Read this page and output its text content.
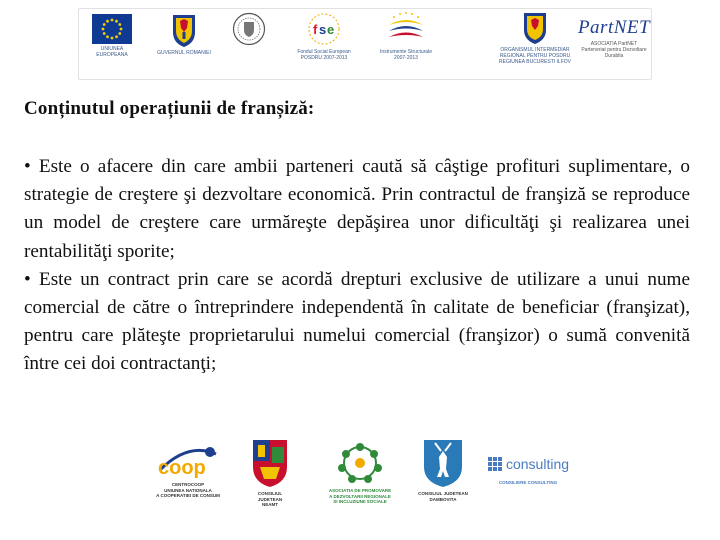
UNIUNEA EUROPEANA	GUVERNUL ROMANIEI
f s e
Fondul Social European
POSDRU 2007-2013
Instrumente Structurale
2007-2013
ORGANISMUL INTERMEDIAR
REGIONAL PENTRU POSDRU
REGIUNEA BUCURESTI ILFOV
PartNET
ASOCIATIA PartNET
Parteneriat pentru Dezvoltare Durabila
Conținutul operațiunii de franșiză:

• Este o afacere din care ambii parteneri caută să câştige profituri suplimentare, o strategie de creştere şi dezvoltare economică. Prin contractul de franşiză se reproduce un model de creştere care urmăreşte depăşirea unor dificultăţi şi realizarea unei rentabilităţi sporite;

• Este un contract prin care se acordă drepturi exclusive de utilizare a unui nume comercial de către o întreprindere independentă în calitate de beneficiar (franşizat), pentru care plăteşte proprietarului numelui comercial (franşizor) o sumă convenită între cei doi contractanţi;

coop
CENTROCOOP
UNIUNEA NATIONALA
A COOPERATIEI DE CONSUM	CONSILIUL JUDETEAN
NEAMT
ASOCIATIA DE PROMOVARE
A DEZVOLTARII REGIONALE
SI INCLUZIUNII SOCIALE
CONSILIUL JUDETEAN
DAMBOVITA
consulting
CONSILIERE CONSULTING
